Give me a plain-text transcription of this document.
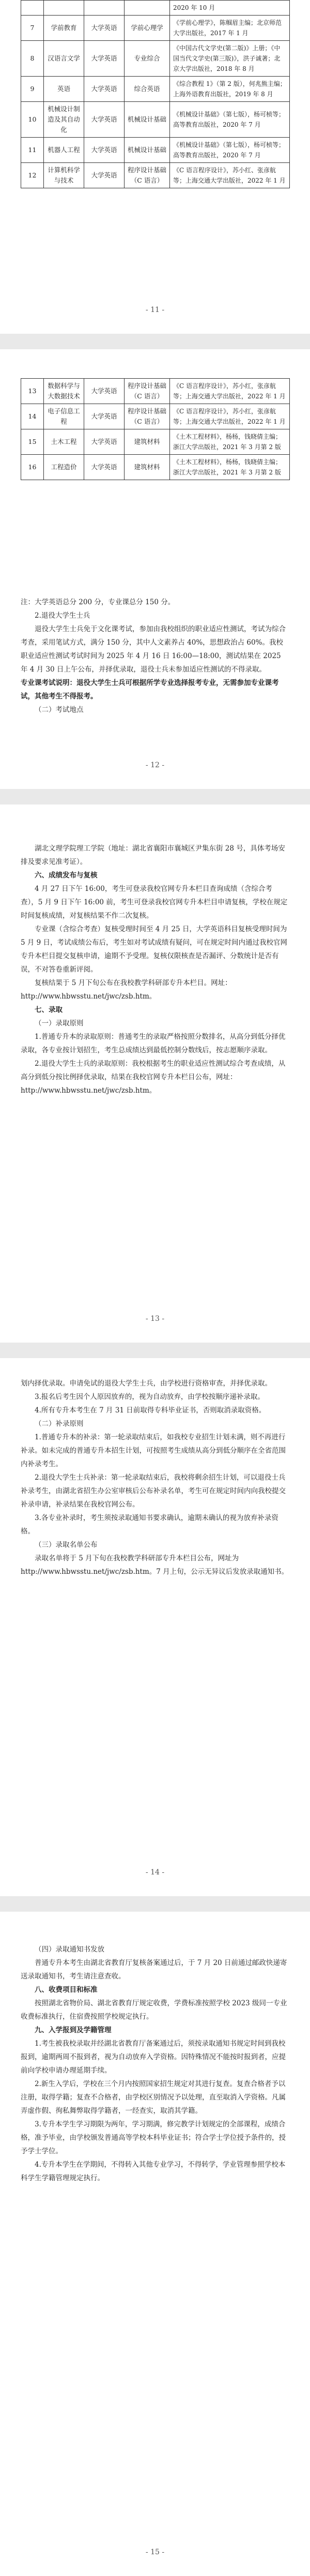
				2020 年 10 月
7	学前教育	大学英语	学前心理学	《学前心理学》，陈帼眉主编；北京师范大学出版社，2017 年 1 月
8	汉语言文学	大学英语	专业综合	《中国古代文学史(第二版)》上册；《中国当代文学史(第三版)》，洪子诚著；北京大学出版社，2018 年 8 月
9	英语	大学英语	综合英语	《综合教程 1》（第 2 版），何兆熊主编；上海外语教育出版社，2019 年 8 月
10	机械设计制造及其自动化	大学英语	机械设计基础	《机械设计基础》（第七版），杨可桢等；高等教育出版社，2020 年 7 月
11	机器人工程	大学英语	机械设计基础	《机械设计基础》（第七版），杨可桢等；高等教育出版社，2020 年 7 月
12	计算机科学与技术	大学英语	程序设计基础（C 语言）	《C 语言程序设计》，苏小红、张彦航等；上海交通大学出版社，2022 年 1 月
- 11 -
13	数据科学与大数据技术	大学英语	程序设计基础（C 语言）	《C 语言程序设计》，苏小红，张彦航等；上海交通大学出版社，2022 年 1 月
14	电子信息工程	大学英语	程序设计基础（C 语言）	《C 语言程序设计》，苏小红，张彦航等；上海交通大学出版社，2022 年 1 月
15	土木工程	大学英语	建筑材料	《土木工程材料》，杨杨，钱晓倩主编；浙江大学出版社，2021 年 3 月第 2 版
16	工程造价	大学英语	建筑材料	《土木工程材料》，杨杨，钱晓倩主编；浙江大学出版社，2021 年 3 月第 2 版

注：大学英语总分 200 分，专业课总分 150 分。

2.退役大学生士兵

退役大学生士兵免于文化课考试，参加由我校组织的职业适应性测试，考试为综合考查，采用笔试方式，满分 150 分，其中人文素养占 40%，思想政治占 60%。我校职业适应性测试考试时间为 2025 年 4 月 16 日 16:00—18:00，测试结果在 2025 年 4 月 30 日上午公布，并择优录取，退役士兵未参加适应性测试的不得录取。

专业课考试说明：退役大学生士兵可根据所学专业选择报考专业，无需参加专业课考试，其他考生不得报考。

（二）考试地点

- 12 -

湖北文理学院理工学院（地址：湖北省襄阳市襄城区尹集东街 28 号，具体考场安排及要求见准考证）。

六、成绩发布与复核

4 月 27 日下午 16:00，考生可登录我校官网专升本栏目查询成绩（含综合考查），5 月 9 日下午 16:00 前，考生可登录我校官网专升本栏目申请复核，学校在规定时间复核成绩，对复核结果不作二次复核。

专业课（含综合考查）复核受理时间至 4 月 25 日，大学英语科目复核受理时间为 5 月 9 日，考试成绩公布后，考生如对考试成绩有疑问，可在规定时间内通过我校官网专升本栏目提交复核申请，逾期不予受理。复核仅限核查是否漏评、分数统计是否有误，不对答卷重新评阅。

复核结果于 5 月下旬公布在我校教学科研部专升本栏目。网址：http://www.hbwsstu.net/jwc/zsb.htm。

七、录取

（一）录取原则

1.普通专升本的录取原则：普通考生的录取严格按照分数排名，从高分到低分择优录取，各专业按计划招生，考生总成绩达到最低控制分数线后，按志愿顺序录取。

2.退役大学生士兵的录取原则：我校根据考生的职业适应性测试综合考查成绩，从高分到低分按比例择优录取，结果在我校官网专升本栏目公布，网址：http://www.hbwsstu.net/jwc/zsb.htm。

- 13 -

划内择优录取。申请免试的退役大学生士兵，由学校进行资格审查，并择优录取。

3.报名后考生因个人原因放弃的，视为自动放弃，由学校按顺序递补录取。

4.所有专升本考生在 7 月 31 日前取得专科毕业证书，否则取消录取资格。

（二）补录原则

1.普通专升本的补录：第一轮录取结束后，如我校专业招生计划未满，则不再进行补录。如未完成的普通专升本招生计划，可按照考生成绩从高分到低分顺序在全省范围内补录考生。

2.退役大学生士兵补录：第一轮录取结束后，我校将剩余招生计划，可以退役士兵补录考生，由湖北省招生办公室审核后公布补录名单，考生可在规定时间内向我校提交补录申请，补录结果在我校官网公布。

3.各专业补录时，考生须按录取通知书要求确认，逾期未确认的视为放弃补录资格。

（三）录取名单公布

录取名单将于 5 月下旬在我校教学科研部专升本栏目公布，网址为 http://www.hbwsstu.net/jwc/zsb.htm。7 月上旬，公示无异议后发放录取通知书。

- 14 -

（四）录取通知书发放

普通专升本考生由湖北省教育厅复核备案通过后，于 7 月 20 日前通过邮政快递寄送录取通知书，考生请注意查收。

八、收费项目和标准

按照湖北省物价局、湖北省教育厅规定收费，学费标准按照学校 2023 级同一专业收费标准执行，住宿费按照学校规定执行。

九、入学报到及学籍管理

1.考生被我校录取并经湖北省教育厅备案通过后，须按录取通知书规定时间到我校报到，逾期两周不报到者，视为自动放弃入学资格。因特殊情况不能按时报到者，应提前向学校申请办理延期手续。

2.新生入学后，学校在三个月内按照国家招生规定对其进行复查。复查合格者予以注册，取得学籍；复查不合格者，由学校区别情况予以处理，直至取消入学资格。凡属弄虚作假、徇私舞弊取得学籍者，一经查实，取消其学籍。

3.专升本学生学习期限为两年，学习期满，修完教学计划规定的全部课程，成绩合格，准予毕业，由学校颁发普通高等学校本科毕业证书；符合学士学位授予条件的，授予学士学位。

4.专升本学生在学期间，不得转入其他专业学习，不得转学，学业管理参照学校本科学生学籍管理规定执行。

- 15 -
